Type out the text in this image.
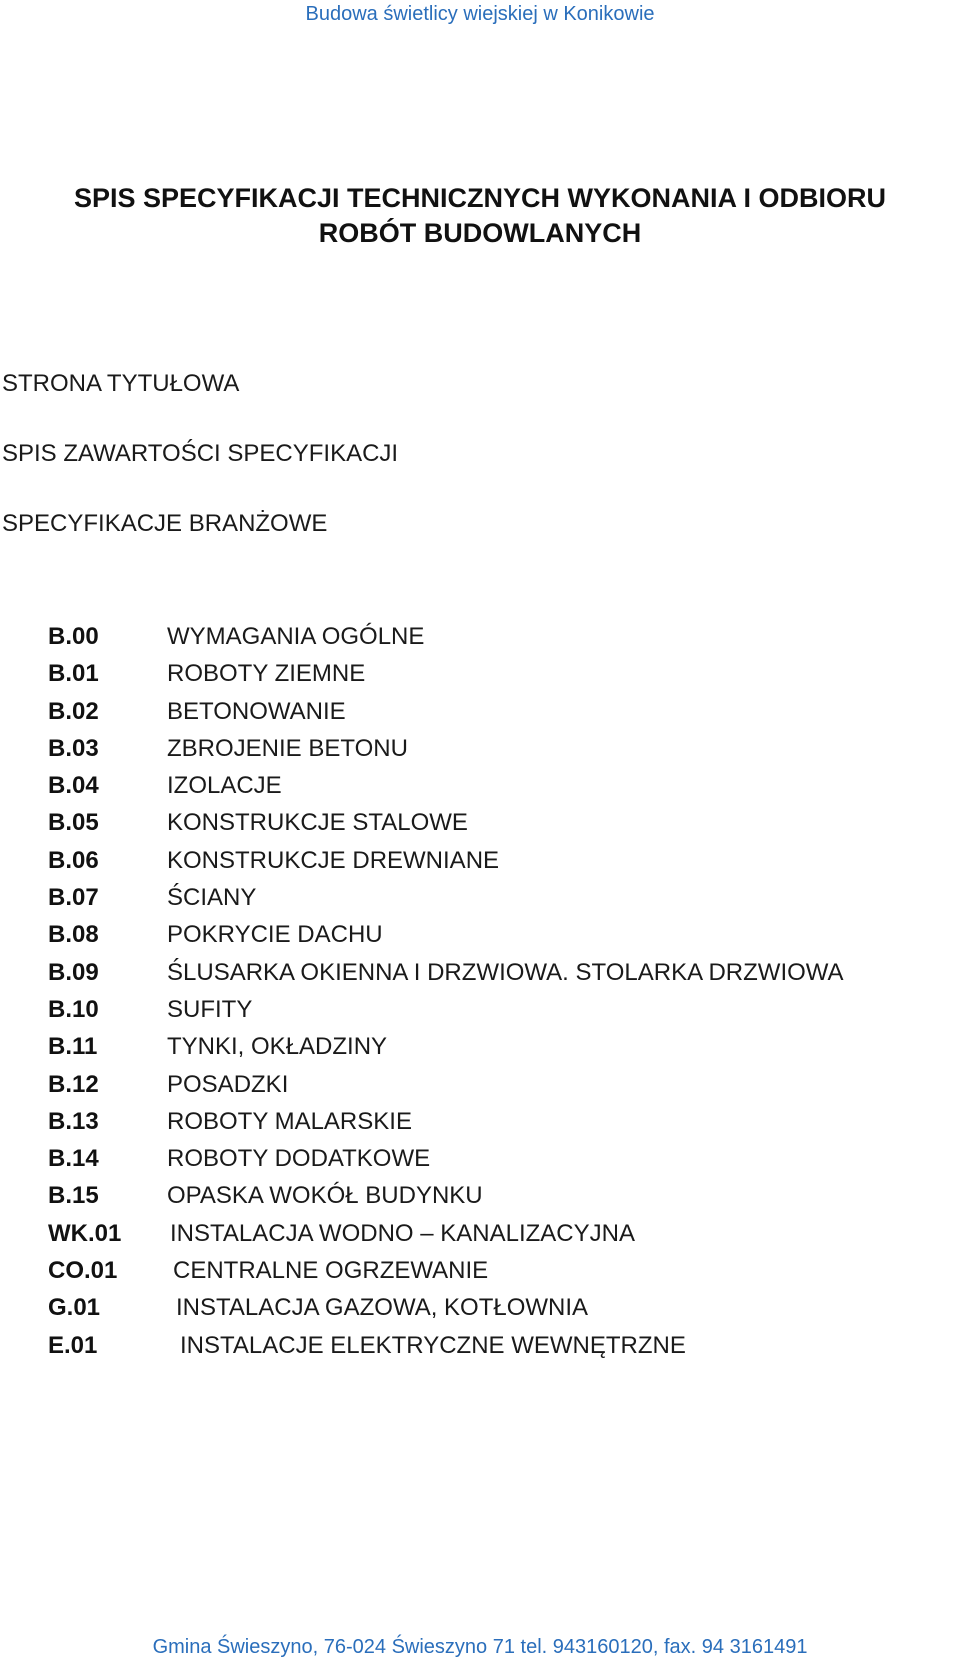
Budowa świetlicy wiejskiej w Konikowie
SPIS SPECYFIKACJI TECHNICZNYCH WYKONANIA I ODBIORU
ROBÓT BUDOWLANYCH
STRONA TYTUŁOWA
SPIS ZAWARTOŚCI SPECYFIKACJI
SPECYFIKACJE BRANŻOWE
B.00	WYMAGANIA OGÓLNE
B.01	ROBOTY ZIEMNE
B.02	BETONOWANIE
B.03	ZBROJENIE BETONU
B.04	IZOLACJE
B.05	KONSTRUKCJE STALOWE
B.06	KONSTRUKCJE DREWNIANE
B.07	ŚCIANY
B.08	POKRYCIE DACHU
B.09	ŚLUSARKA OKIENNA I DRZWIOWA. STOLARKA DRZWIOWA
B.10	SUFITY
B.11	TYNKI, OKŁADZINY
B.12	POSADZKI
B.13	ROBOTY MALARSKIE
B.14	ROBOTY DODATKOWE
B.15	OPASKA WOKÓŁ BUDYNKU
WK.01 INSTALACJA WODNO – KANALIZACYJNA
CO.01 CENTRALNE OGRZEWANIE
G.01	INSTALACJA GAZOWA, KOTŁOWNIA
E.01	INSTALACJE ELEKTRYCZNE WEWNĘTRZNE
Gmina Świeszyno, 76-024 Świeszyno 71 tel. 943160120, fax. 94 3161491
